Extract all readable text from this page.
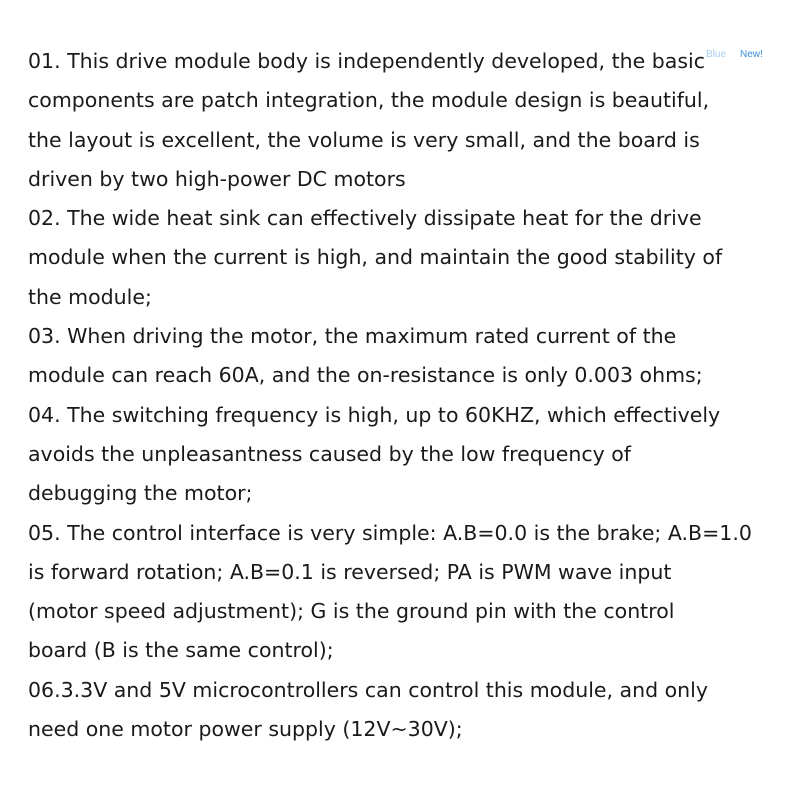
Blue New!
01. This drive module body is independently developed, the basic
components are patch integration, the module design is beautiful,
the layout is excellent, the volume is very small, and the board is
driven by two high-power DC motors
02. The wide heat sink can effectively dissipate heat for the drive
module when the current is high, and maintain the good stability of
the module;
03. When driving the motor, the maximum rated current of the
module can reach 60A, and the on-resistance is only 0.003 ohms;
04. The switching frequency is high, up to 60KHZ, which effectively
avoids the unpleasantness caused by the low frequency of
debugging the motor;
05. The control interface is very simple: A.B=0.0 is the brake; A.B=1.0
is forward rotation; A.B=0.1 is reversed; PA is PWM wave input
(motor speed adjustment); G is the ground pin with the control
board (B is the same control);
06.3.3V and 5V microcontrollers can control this module, and only
need one motor power supply (12V~30V);
